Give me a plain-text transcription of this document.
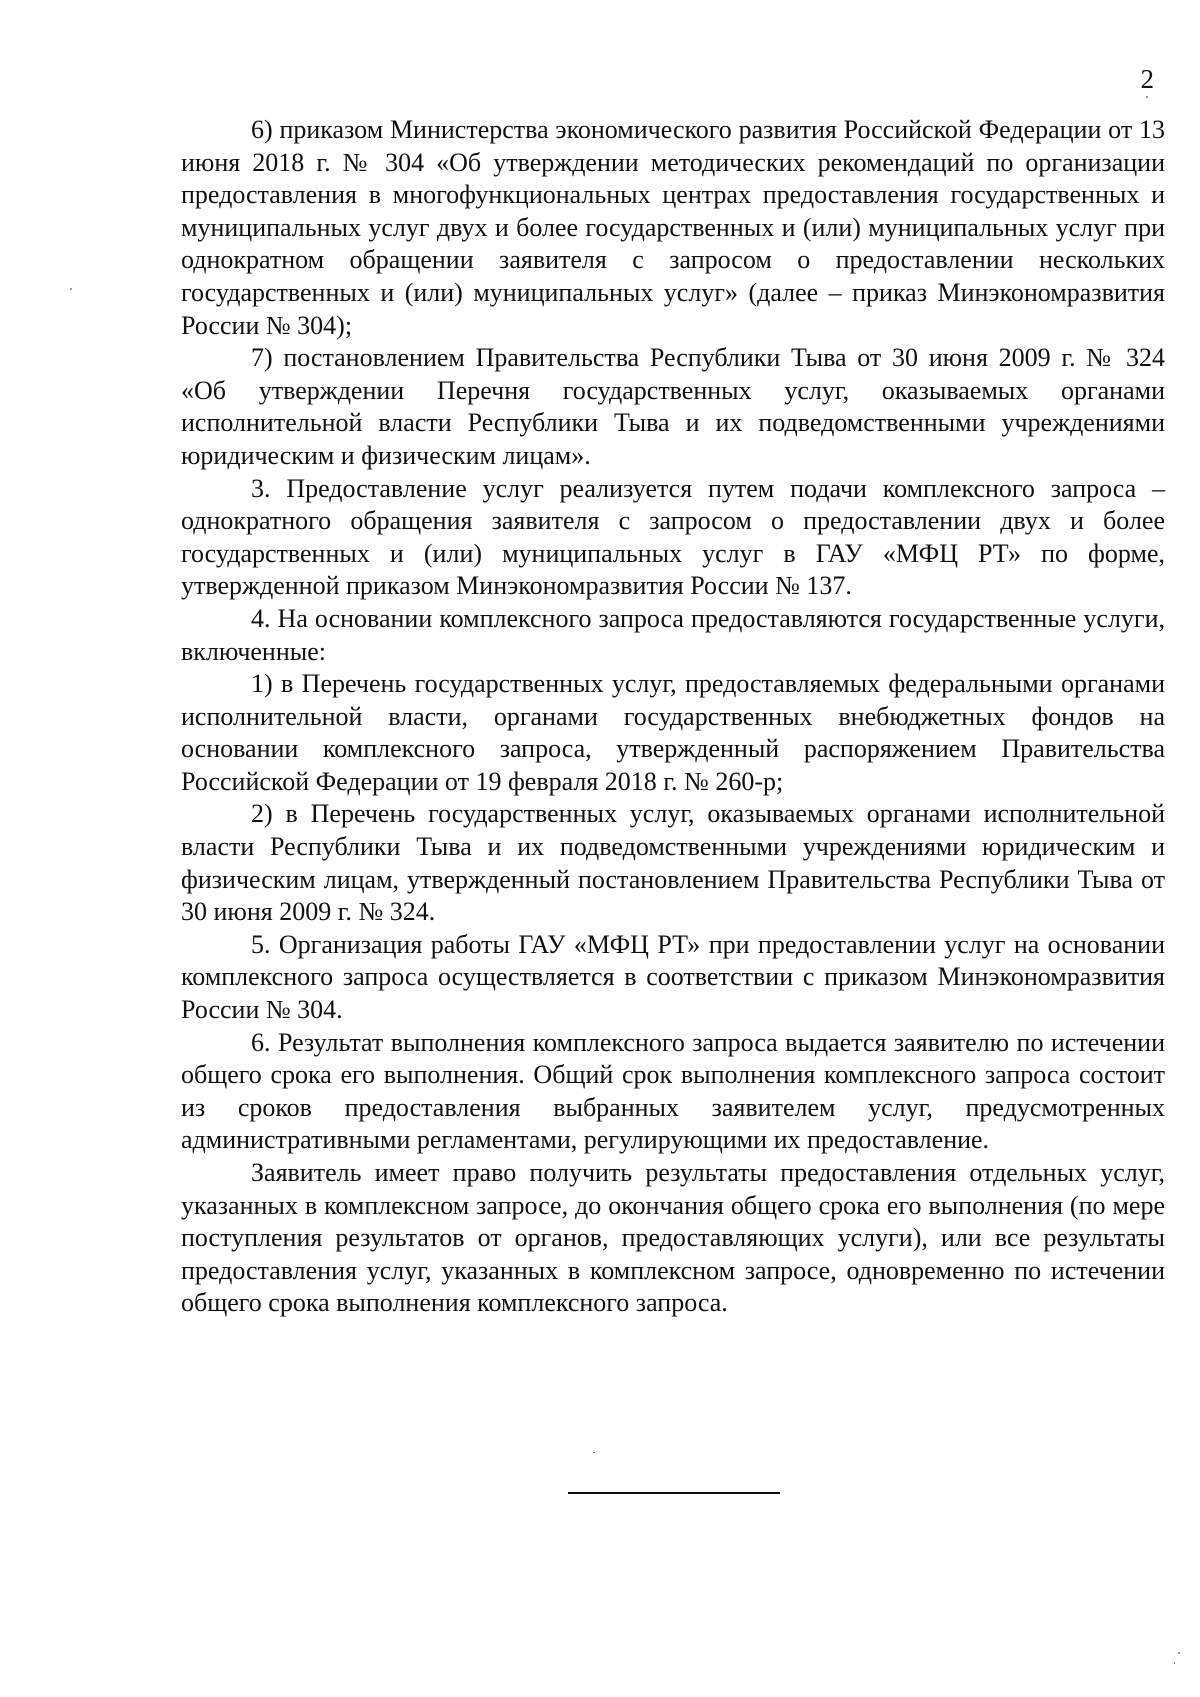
2

6) приказом Министерства экономического развития Российской Федерации от 13 июня 2018 г. № 304 «Об утверждении методических рекомендаций по организации предоставления в многофункциональных центрах предоставления государственных и муниципальных услуг двух и более государственных и (или) муниципальных услуг при однократном обращении заявителя с запросом о предоставлении нескольких государственных и (или) муниципальных услуг» (далее – приказ Минэкономразвития России № 304);

7) постановлением Правительства Республики Тыва от 30 июня 2009 г. № 324 «Об утверждении Перечня государственных услуг, оказываемых органами исполнительной власти Республики Тыва и их подведомственными учреждениями юридическим и физическим лицам».

3. Предоставление услуг реализуется путем подачи комплексного запроса – однократного обращения заявителя с запросом о предоставлении двух и более государственных и (или) муниципальных услуг в ГАУ «МФЦ РТ» по форме, утвержденной приказом Минэкономразвития России № 137.

4. На основании комплексного запроса предоставляются государственные услуги, включенные:

1) в Перечень государственных услуг, предоставляемых федеральными органами исполнительной власти, органами государственных внебюджетных фондов на основании комплексного запроса, утвержденный распоряжением Правительства Российской Федерации от 19 февраля 2018 г. № 260-р;

2) в Перечень государственных услуг, оказываемых органами исполнительной власти Республики Тыва и их подведомственными учреждениями юридическим и физическим лицам, утвержденный постановлением Правительства Республики Тыва от 30 июня 2009 г. № 324.

5. Организация работы ГАУ «МФЦ РТ» при предоставлении услуг на основании комплексного запроса осуществляется в соответствии с приказом Минэкономразвития России № 304.

6. Результат выполнения комплексного запроса выдается заявителю по истечении общего срока его выполнения. Общий срок выполнения комплексного запроса состоит из сроков предоставления выбранных заявителем услуг, предусмотренных административными регламентами, регулирующими их предоставление.

Заявитель имеет право получить результаты предоставления отдельных услуг, указанных в комплексном запросе, до окончания общего срока его выполнения (по мере поступления результатов от органов, предоставляющих услуги), или все результаты предоставления услуг, указанных в комплексном запросе, одновременно по истечении общего срока выполнения комплексного запроса.
